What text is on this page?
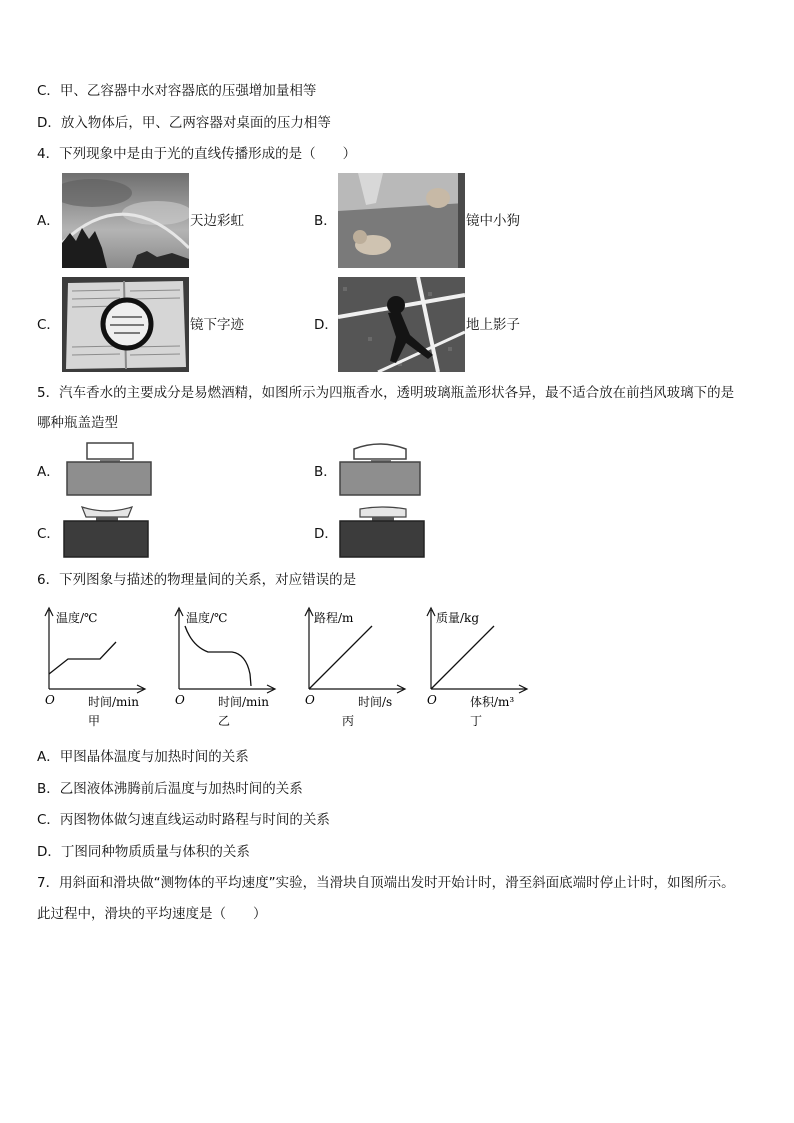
C．甲、乙容器中水对容器底的压强增加量相等
D．放入物体后，甲、乙两容器对桌面的压力相等
4．下列现象中是由于光的直线传播形成的是（　　）
A．	天边彩虹	B．	镜中小狗
C．	镜下字迹	D．	地上影子
5．汽车香水的主要成分是易燃酒精，如图所示为四瓶香水，透明玻璃瓶盖形状各异，最不适合放在前挡风玻璃下的是
哪种瓶盖造型
A．	B．
C．	D．
6．下列图象与描述的物理量间的关系，对应错误的是
温度/℃
时间/min
O
甲
温度/℃
时间/min
O
乙
路程/m
时间/s
O
丙
质量/kg
体积/m³
O
丁
A．甲图晶体温度与加热时间的关系
B．乙图液体沸腾前后温度与加热时间的关系
C．丙图物体做匀速直线运动时路程与时间的关系
D．丁图同种物质质量与体积的关系
7．用斜面和滑块做“测物体的平均速度”实验，当滑块自顶端出发时开始计时，滑至斜面底端时停止计时，如图所示。
此过程中，滑块的平均速度是（　　）
